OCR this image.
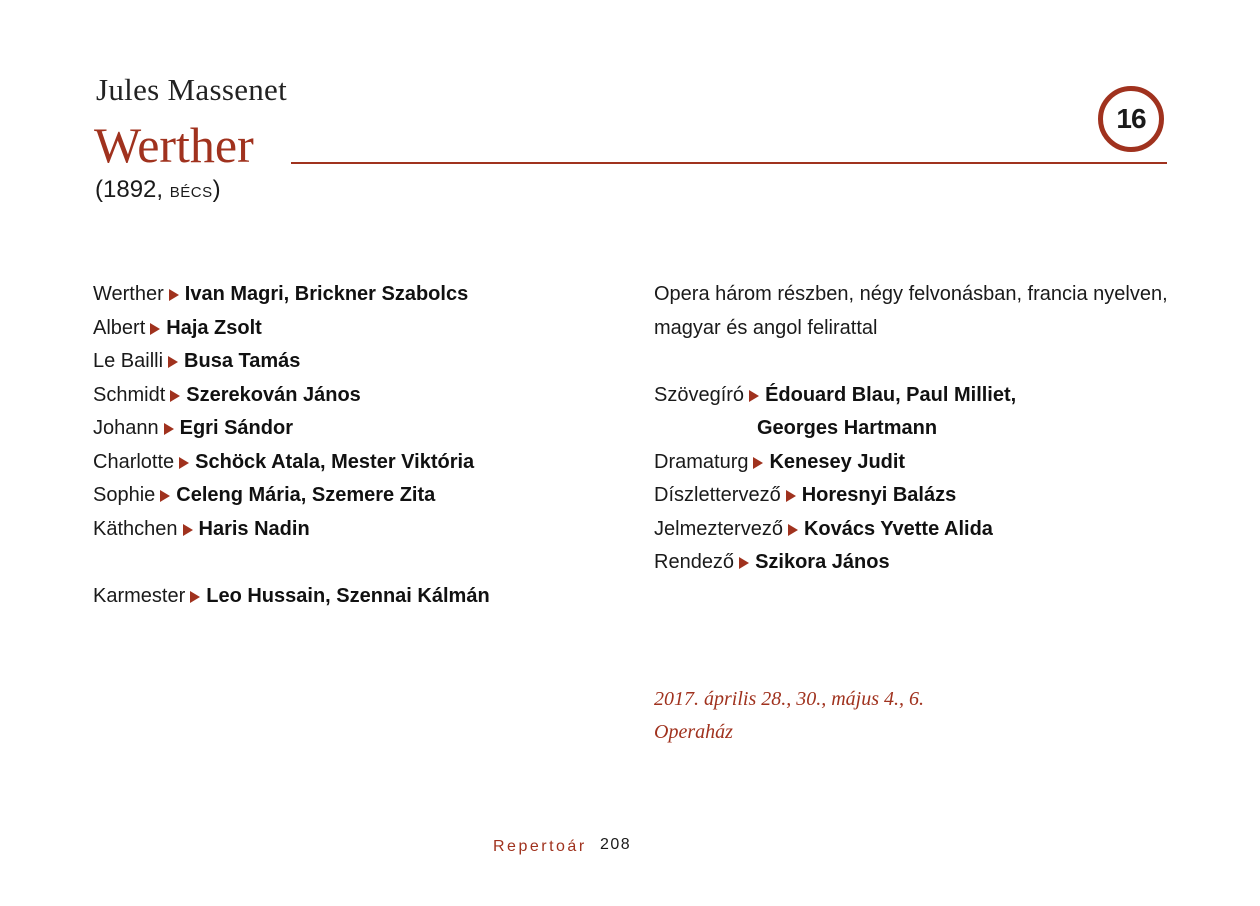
Jules Massenet
Werther	16
(1892, BÉCS)
Werther Ivan Magri, Brickner Szabolcs
Albert Haja Zsolt
Le Bailli Busa Tamás
Schmidt Szerekován János
Johann Egri Sándor
Charlotte Schöck Atala, Mester Viktória
Sophie Celeng Mária, Szemere Zita
Käthchen Haris Nadin
Karmester Leo Hussain, Szennai Kálmán
Opera három részben, négy felvonásban, francia nyelven,
magyar és angol felirattal
Szövegíró Édouard Blau, Paul Milliet,
Georges Hartmann
Dramaturg Kenesey Judit
Díszlettervező Horesnyi Balázs
Jelmeztervező Kovács Yvette Alida
Rendező Szikora János
2017. április 28., 30., május 4., 6.
Operaház
Repertoár 208
